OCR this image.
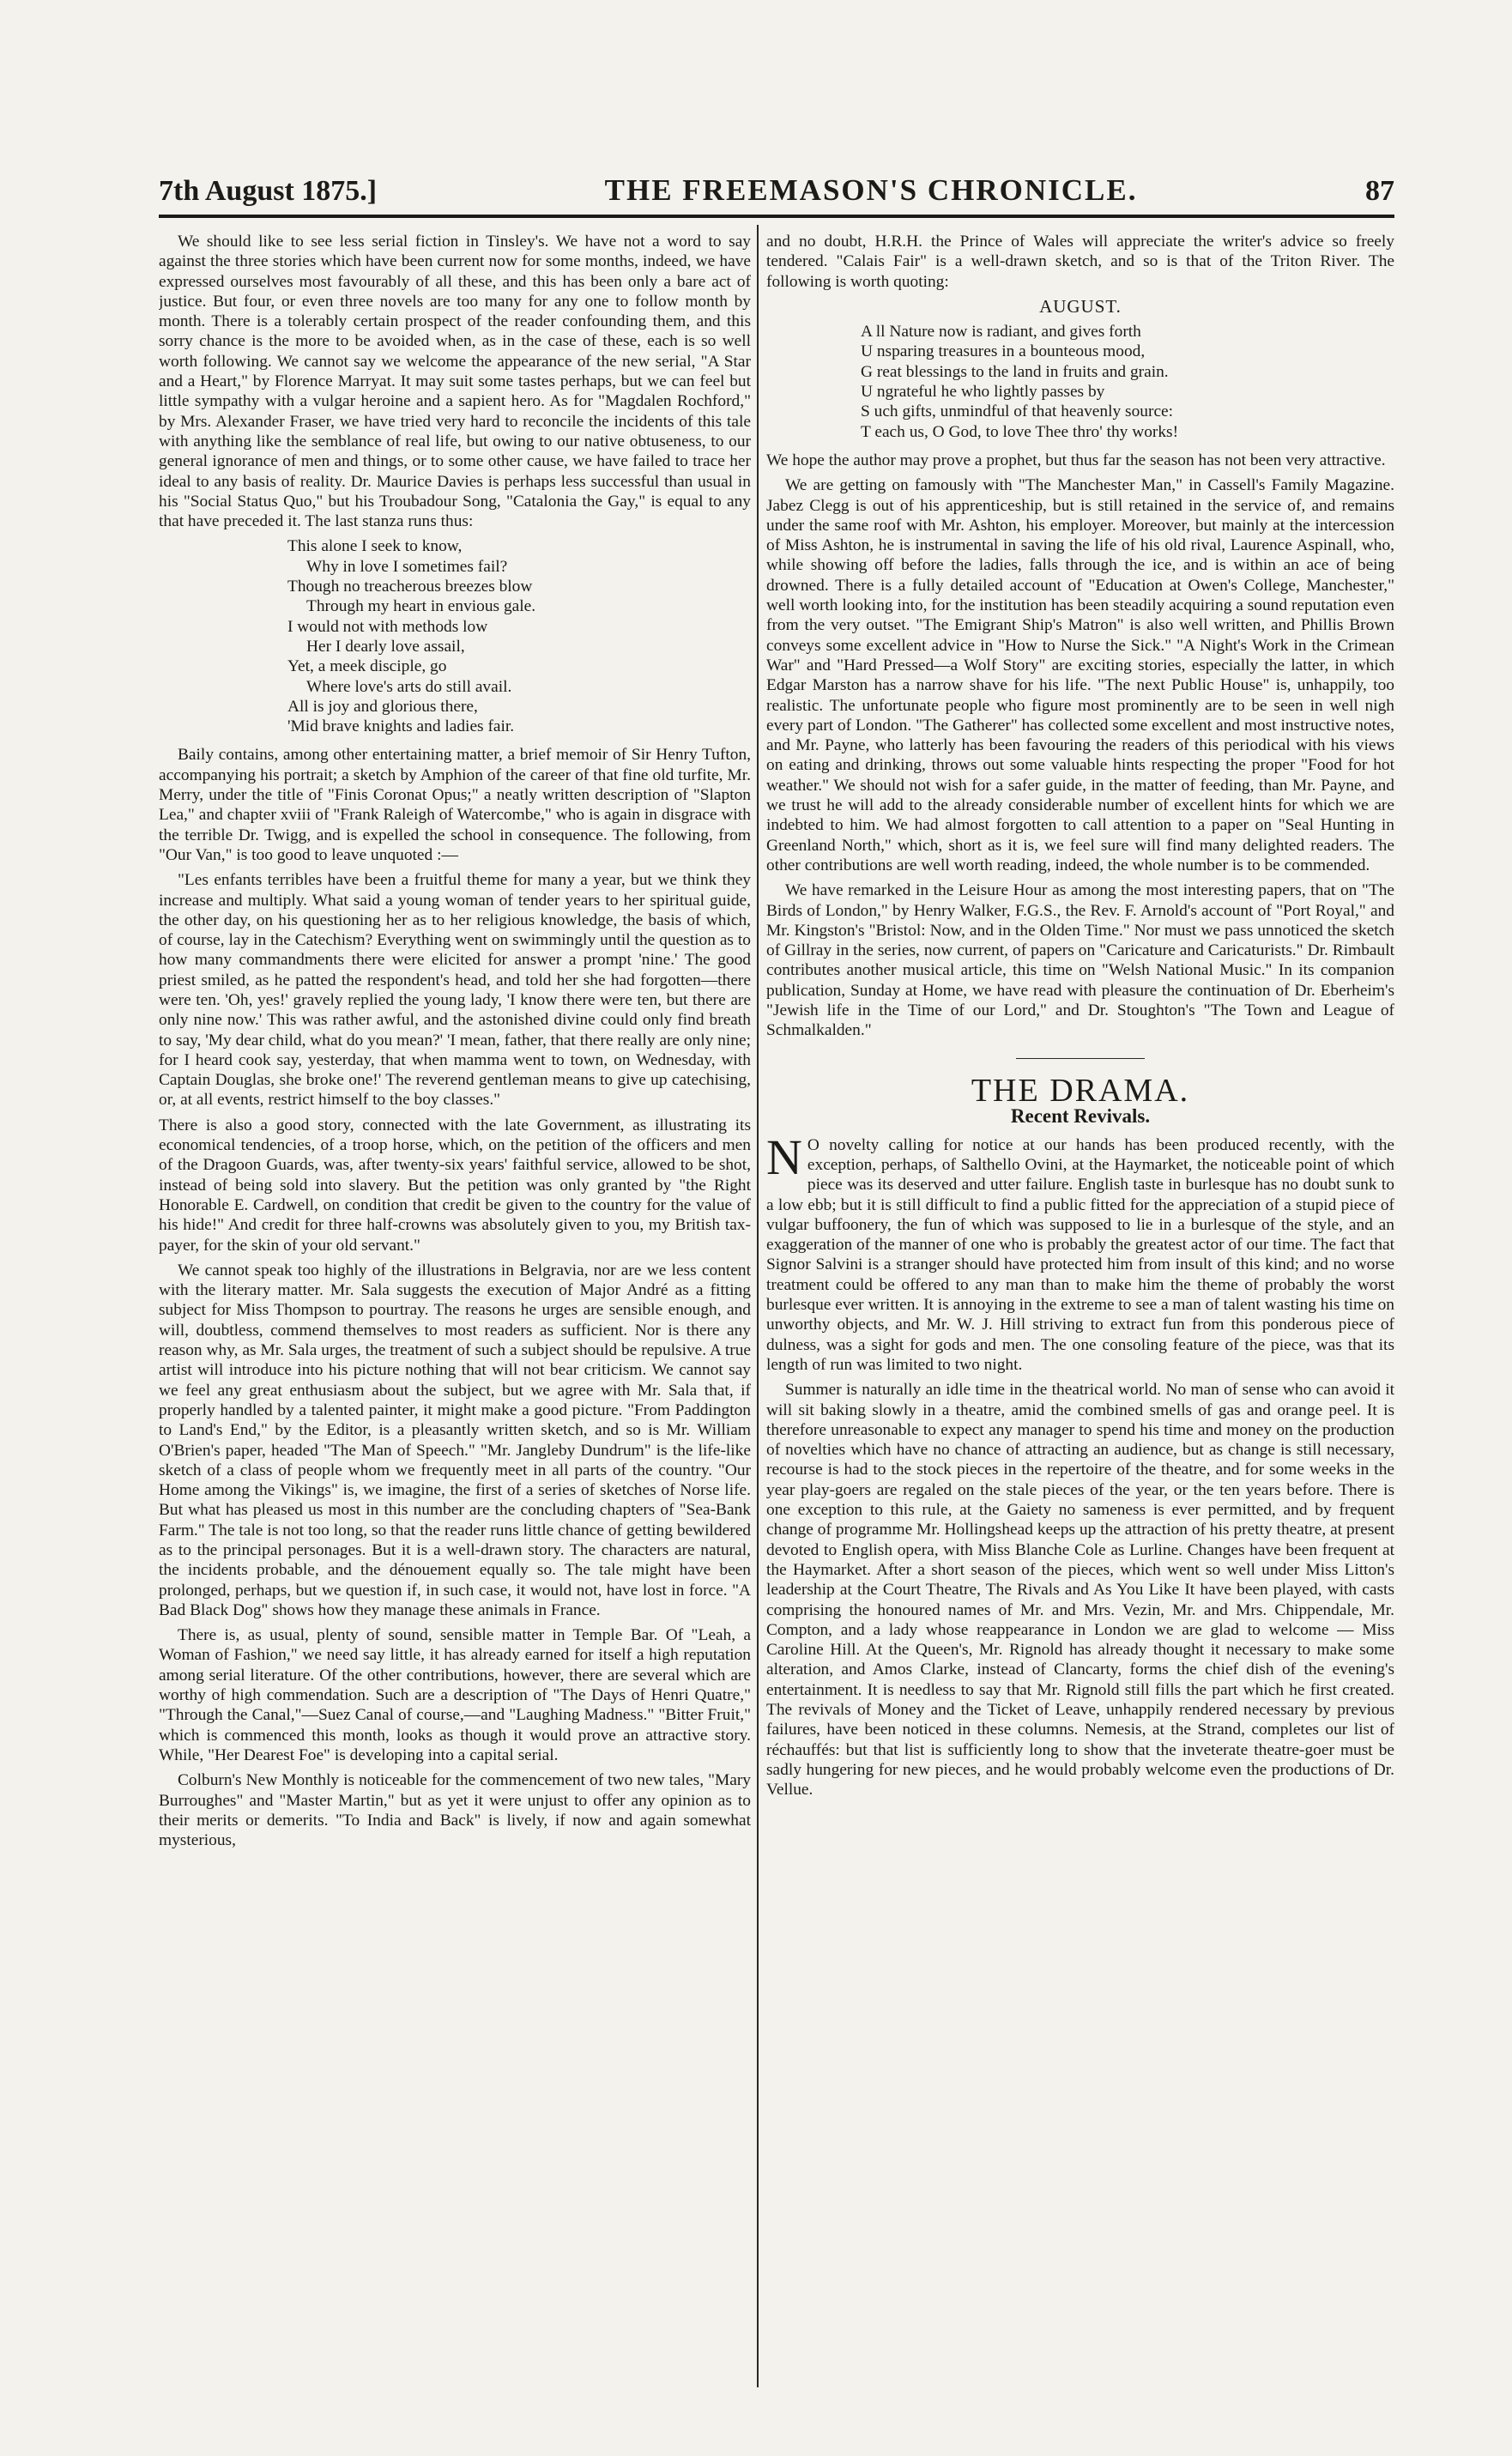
7th August 1875.]	THE FREEMASON'S CHRONICLE.	87

We should like to see less serial fiction in Tinsley's. We have not a word to say against the three stories which have been current now for some months, indeed, we have expressed ourselves most favourably of all these, and this has been only a bare act of justice. But four, or even three novels are too many for any one to follow month by month. There is a tolerably certain prospect of the reader confounding them, and this sorry chance is the more to be avoided when, as in the case of these, each is so well worth following. We cannot say we welcome the appearance of the new serial, "A Star and a Heart," by Florence Marryat. It may suit some tastes perhaps, but we can feel but little sympathy with a vulgar heroine and a sapient hero. As for "Magdalen Rochford," by Mrs. Alexander Fraser, we have tried very hard to reconcile the incidents of this tale with anything like the semblance of real life, but owing to our native obtuseness, to our general ignorance of men and things, or to some other cause, we have failed to trace her ideal to any basis of reality. Dr. Maurice Davies is perhaps less successful than usual in his "Social Status Quo," but his Troubadour Song, "Catalonia the Gay," is equal to any that have preceded it. The last stanza runs thus:

This alone I seek to know,
Why in love I sometimes fail?
Though no treacherous breezes blow
Through my heart in envious gale.
I would not with methods low
Her I dearly love assail,
Yet, a meek disciple, go
Where love's arts do still avail.
All is joy and glorious there,
'Mid brave knights and ladies fair.

Baily contains, among other entertaining matter, a brief memoir of Sir Henry Tufton, accompanying his portrait; a sketch by Amphion of the career of that fine old turfite, Mr. Merry, under the title of "Finis Coronat Opus;" a neatly written description of "Slapton Lea," and chapter xviii of "Frank Raleigh of Watercombe," who is again in disgrace with the terrible Dr. Twigg, and is expelled the school in consequence. The following, from "Our Van," is too good to leave unquoted :—

"Les enfants terribles have been a fruitful theme for many a year, but we think they increase and multiply. What said a young woman of tender years to her spiritual guide, the other day, on his questioning her as to her religious knowledge, the basis of which, of course, lay in the Catechism? Everything went on swimmingly until the question as to how many commandments there were elicited for answer a prompt 'nine.' The good priest smiled, as he patted the respondent's head, and told her she had forgotten—there were ten. 'Oh, yes!' gravely replied the young lady, 'I know there were ten, but there are only nine now.' This was rather awful, and the astonished divine could only find breath to say, 'My dear child, what do you mean?' 'I mean, father, that there really are only nine; for I heard cook say, yesterday, that when mamma went to town, on Wednesday, with Captain Douglas, she broke one!' The reverend gentleman means to give up catechising, or, at all events, restrict himself to the boy classes."

There is also a good story, connected with the late Government, as illustrating its economical tendencies, of a troop horse, which, on the petition of the officers and men of the Dragoon Guards, was, after twenty-six years' faithful service, allowed to be shot, instead of being sold into slavery. But the petition was only granted by "the Right Honorable E. Cardwell, on condition that credit be given to the country for the value of his hide!" And credit for three half-crowns was absolutely given to you, my British tax-payer, for the skin of your old servant."

We cannot speak too highly of the illustrations in Belgravia, nor are we less content with the literary matter. Mr. Sala suggests the execution of Major André as a fitting subject for Miss Thompson to pourtray. The reasons he urges are sensible enough, and will, doubtless, commend themselves to most readers as sufficient. Nor is there any reason why, as Mr. Sala urges, the treatment of such a subject should be repulsive. A true artist will introduce into his picture nothing that will not bear criticism. We cannot say we feel any great enthusiasm about the subject, but we agree with Mr. Sala that, if properly handled by a talented painter, it might make a good picture. "From Paddington to Land's End," by the Editor, is a pleasantly written sketch, and so is Mr. William O'Brien's paper, headed "The Man of Speech." "Mr. Jangleby Dundrum" is the life-like sketch of a class of people whom we frequently meet in all parts of the country. "Our Home among the Vikings" is, we imagine, the first of a series of sketches of Norse life. But what has pleased us most in this number are the concluding chapters of "Sea-Bank Farm." The tale is not too long, so that the reader runs little chance of getting bewildered as to the principal personages. But it is a well-drawn story. The characters are natural, the incidents probable, and the dénouement equally so. The tale might have been prolonged, perhaps, but we question if, in such case, it would not, have lost in force. "A Bad Black Dog" shows how they manage these animals in France.

There is, as usual, plenty of sound, sensible matter in Temple Bar. Of "Leah, a Woman of Fashion," we need say little, it has already earned for itself a high reputation among serial literature. Of the other contributions, however, there are several which are worthy of high commendation. Such are a description of "The Days of Henri Quatre," "Through the Canal,"—Suez Canal of course,—and "Laughing Madness." "Bitter Fruit," which is commenced this month, looks as though it would prove an attractive story. While, "Her Dearest Foe" is developing into a capital serial.

Colburn's New Monthly is noticeable for the commencement of two new tales, "Mary Burroughes" and "Master Martin," but as yet it were unjust to offer any opinion as to their merits or demerits. "To India and Back" is lively, if now and again somewhat mysterious,

and no doubt, H.R.H. the Prince of Wales will appreciate the writer's advice so freely tendered. "Calais Fair" is a well-drawn sketch, and so is that of the Triton River. The following is worth quoting:

AUGUST.
A ll Nature now is radiant, and gives forth
U nsparing treasures in a bounteous mood,
G reat blessings to the land in fruits and grain.
U ngrateful he who lightly passes by
S uch gifts, unmindful of that heavenly source:
T each us, O God, to love Thee thro' thy works!

We hope the author may prove a prophet, but thus far the season has not been very attractive.

We are getting on famously with "The Manchester Man," in Cassell's Family Magazine. Jabez Clegg is out of his apprenticeship, but is still retained in the service of, and remains under the same roof with Mr. Ashton, his employer. Moreover, but mainly at the intercession of Miss Ashton, he is instrumental in saving the life of his old rival, Laurence Aspinall, who, while showing off before the ladies, falls through the ice, and is within an ace of being drowned. There is a fully detailed account of "Education at Owen's College, Manchester," well worth looking into, for the institution has been steadily acquiring a sound reputation even from the very outset. "The Emigrant Ship's Matron" is also well written, and Phillis Brown conveys some excellent advice in "How to Nurse the Sick." "A Night's Work in the Crimean War" and "Hard Pressed—a Wolf Story" are exciting stories, especially the latter, in which Edgar Marston has a narrow shave for his life. "The next Public House" is, unhappily, too realistic. The unfortunate people who figure most prominently are to be seen in well nigh every part of London. "The Gatherer" has collected some excellent and most instructive notes, and Mr. Payne, who latterly has been favouring the readers of this periodical with his views on eating and drinking, throws out some valuable hints respecting the proper "Food for hot weather." We should not wish for a safer guide, in the matter of feeding, than Mr. Payne, and we trust he will add to the already considerable number of excellent hints for which we are indebted to him. We had almost forgotten to call attention to a paper on "Seal Hunting in Greenland North," which, short as it is, we feel sure will find many delighted readers. The other contributions are well worth reading, indeed, the whole number is to be commended.

We have remarked in the Leisure Hour as among the most interesting papers, that on "The Birds of London," by Henry Walker, F.G.S., the Rev. F. Arnold's account of "Port Royal," and Mr. Kingston's "Bristol: Now, and in the Olden Time." Nor must we pass unnoticed the sketch of Gillray in the series, now current, of papers on "Caricature and Caricaturists." Dr. Rimbault contributes another musical article, this time on "Welsh National Music." In its companion publication, Sunday at Home, we have read with pleasure the continuation of Dr. Eberheim's "Jewish life in the Time of our Lord," and Dr. Stoughton's "The Town and League of Schmalkalden."

THE DRAMA.
Recent Revivals.

N O novelty calling for notice at our hands has been produced recently, with the exception, perhaps, of Salthello Ovini, at the Haymarket, the noticeable point of which piece was its deserved and utter failure. English taste in burlesque has no doubt sunk to a low ebb; but it is still difficult to find a public fitted for the appreciation of a stupid piece of vulgar buffoonery, the fun of which was supposed to lie in a burlesque of the style, and an exaggeration of the manner of one who is probably the greatest actor of our time. The fact that Signor Salvini is a stranger should have protected him from insult of this kind; and no worse treatment could be offered to any man than to make him the theme of probably the worst burlesque ever written. It is annoying in the extreme to see a man of talent wasting his time on unworthy objects, and Mr. W. J. Hill striving to extract fun from this ponderous piece of dulness, was a sight for gods and men. The one consoling feature of the piece, was that its length of run was limited to two night.

Summer is naturally an idle time in the theatrical world. No man of sense who can avoid it will sit baking slowly in a theatre, amid the combined smells of gas and orange peel. It is therefore unreasonable to expect any manager to spend his time and money on the production of novelties which have no chance of attracting an audience, but as change is still necessary, recourse is had to the stock pieces in the repertoire of the theatre, and for some weeks in the year play-goers are regaled on the stale pieces of the year, or the ten years before. There is one exception to this rule, at the Gaiety no sameness is ever permitted, and by frequent change of programme Mr. Hollingshead keeps up the attraction of his pretty theatre, at present devoted to English opera, with Miss Blanche Cole as Lurline. Changes have been frequent at the Haymarket. After a short season of the pieces, which went so well under Miss Litton's leadership at the Court Theatre, The Rivals and As You Like It have been played, with casts comprising the honoured names of Mr. and Mrs. Vezin, Mr. and Mrs. Chippendale, Mr. Compton, and a lady whose reappearance in London we are glad to welcome — Miss Caroline Hill. At the Queen's, Mr. Rignold has already thought it necessary to make some alteration, and Amos Clarke, instead of Clancarty, forms the chief dish of the evening's entertainment. It is needless to say that Mr. Rignold still fills the part which he first created. The revivals of Money and the Ticket of Leave, unhappily rendered necessary by previous failures, have been noticed in these columns. Nemesis, at the Strand, completes our list of réchauffés: but that list is sufficiently long to show that the inveterate theatre-goer must be sadly hungering for new pieces, and he would probably welcome even the productions of Dr. Vellue.
